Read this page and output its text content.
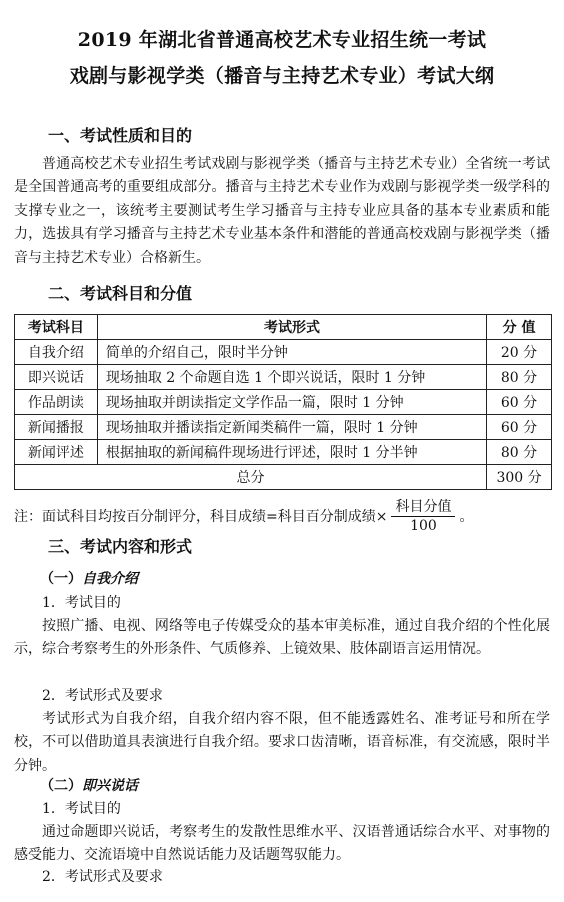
2019 年湖北省普通高校艺术专业招生统一考试
戏剧与影视学类（播音与主持艺术专业）考试大纲
一、考试性质和目的
普通高校艺术专业招生考试戏剧与影视学类（播音与主持艺术专业）全省统一考试是全国普通高考的重要组成部分。播音与主持艺术专业作为戏剧与影视学类一级学科的支撑专业之一，该统考主要测试考生学习播音与主持专业应具备的基本专业素质和能力，选拔具有学习播音与主持艺术专业基本条件和潜能的普通高校戏剧与影视学类（播音与主持艺术专业）合格新生。
二、考试科目和分值
考试科目	考试形式	分 值
自我介绍	简单的介绍自己，限时半分钟	20 分
即兴说话	现场抽取 2 个命题自选 1 个即兴说话，限时 1 分钟	80 分
作品朗读	现场抽取并朗读指定文学作品一篇，限时 1 分钟	60 分
新闻播报	现场抽取并播读指定新闻类稿件一篇，限时 1 分钟	60 分
新闻评述	根据抽取的新闻稿件现场进行评述，限时 1 分半钟	80 分
总分		300 分
注：面试科目均按百分制评分，科目成绩=科目百分制成绩× $\frac{\text{科目分值}}{100}$ 。
三、考试内容和形式
（一）自我介绍
1．考试目的
按照广播、电视、网络等电子传媒受众的基本审美标准，通过自我介绍的个性化展示，综合考察考生的外形条件、气质修养、上镜效果、肢体副语言运用情况。
2．考试形式及要求
考试形式为自我介绍，自我介绍内容不限，但不能透露姓名、准考证号和所在学校，不可以借助道具表演进行自我介绍。要求口齿清晰，语音标准，有交流感，限时半分钟。
（二）即兴说话
1．考试目的
通过命题即兴说话，考察考生的发散性思维水平、汉语普通话综合水平、对事物的感受能力、交流语境中自然说话能力及话题驾驭能力。
2．考试形式及要求
